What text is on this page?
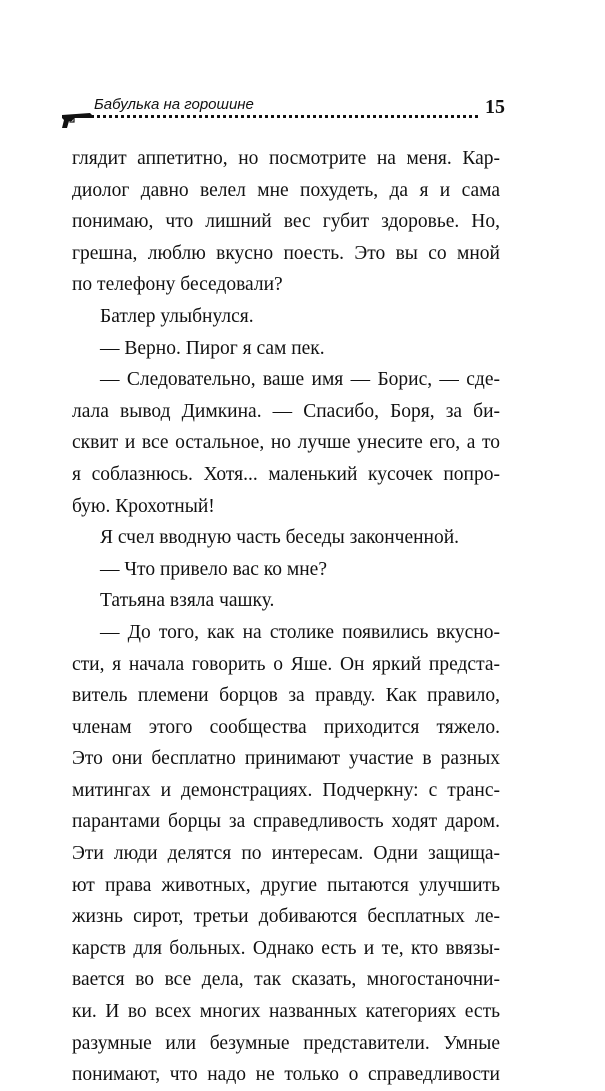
Бабулька на горошине	15
глядит аппетитно, но посмотрите на меня. Кар-
диолог давно велел мне похудеть, да я и сама
понимаю, что лишний вес губит здоровье. Но,
грешна, люблю вкусно поесть. Это вы со мной
по телефону беседовали?
Батлер улыбнулся.
— Верно. Пирог я сам пек.
— Следовательно, ваше имя — Борис, — сде-
лала вывод Димкина. — Спасибо, Боря, за би-
сквит и все остальное, но лучше унесите его, а то
я соблазнюсь. Хотя... маленький кусочек попро-
бую. Крохотный!
Я счел вводную часть беседы законченной.
— Что привело вас ко мне?
Татьяна взяла чашку.
— До того, как на столике появились вкусно-
сти, я начала говорить о Яше. Он яркий предста-
витель племени борцов за правду. Как правило,
членам этого сообщества приходится тяжело.
Это они бесплатно принимают участие в разных
митингах и демонстрациях. Подчеркну: с транс-
парантами борцы за справедливость ходят даром.
Эти люди делятся по интересам. Одни защища-
ют права животных, другие пытаются улучшить
жизнь сирот, третьи добиваются бесплатных ле-
карств для больных. Однако есть и те, кто ввязы-
вается во все дела, так сказать, многостаночни-
ки. И во всех многих названных категориях есть
разумные или безумные представители. Умные
понимают, что надо не только о справедливости
